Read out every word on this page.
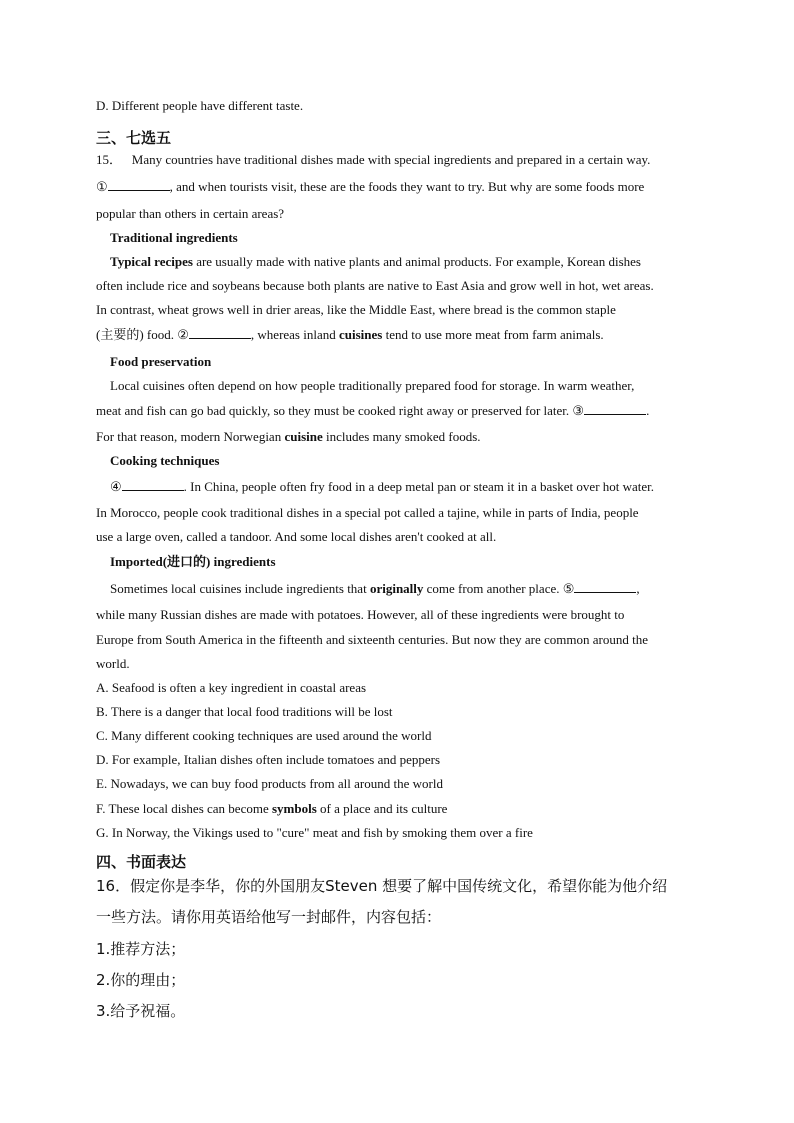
D. Different people have different taste.
三、七选五
15． Many countries have traditional dishes made with special ingredients and prepared in a certain way.
①	, and when tourists visit, these are the foods they want to try. But why are some foods more
popular than others in certain areas?
Traditional ingredients
Typical recipes are usually made with native plants and animal products. For example, Korean dishes
often include rice and soybeans because both plants are native to East Asia and grow well in hot, wet areas.
In contrast, wheat grows well in drier areas, like the Middle East, where bread is the common staple
(主要的) food. ②	, whereas inland cuisines tend to use more meat from farm animals.
Food preservation
Local cuisines often depend on how people traditionally prepared food for storage. In warm weather,
meat and fish can go bad quickly, so they must be cooked right away or preserved for later. ③	.
For that reason, modern Norwegian cuisine includes many smoked foods.
Cooking techniques
④	. In China, people often fry food in a deep metal pan or steam it in a basket over hot water.
In Morocco, people cook traditional dishes in a special pot called a tajine, while in parts of India, people
use a large oven, called a tandoor. And some local dishes aren't cooked at all.
Imported(进口的) ingredients
Sometimes local cuisines include ingredients that originally come from another place. ⑤	,
while many Russian dishes are made with potatoes. However, all of these ingredients were brought to
Europe from South America in the fifteenth and sixteenth centuries. But now they are common around the
world.
A. Seafood is often a key ingredient in coastal areas
B. There is a danger that local food traditions will be lost
C. Many different cooking techniques are used around the world
D. For example, Italian dishes often include tomatoes and peppers
E. Nowadays, we can buy food products from all around the world
F. These local dishes can become symbols of a place and its culture
G. In Norway, the Vikings used to "cure" meat and fish by smoking them over a fire
四、书面表达
16．假定你是李华，你的外国朋友Steven 想要了解中国传统文化，希望你能为他介绍
一些方法。请你用英语给他写一封邮件，内容包括：
1.推荐方法；
2.你的理由；
3.给予祝福。
